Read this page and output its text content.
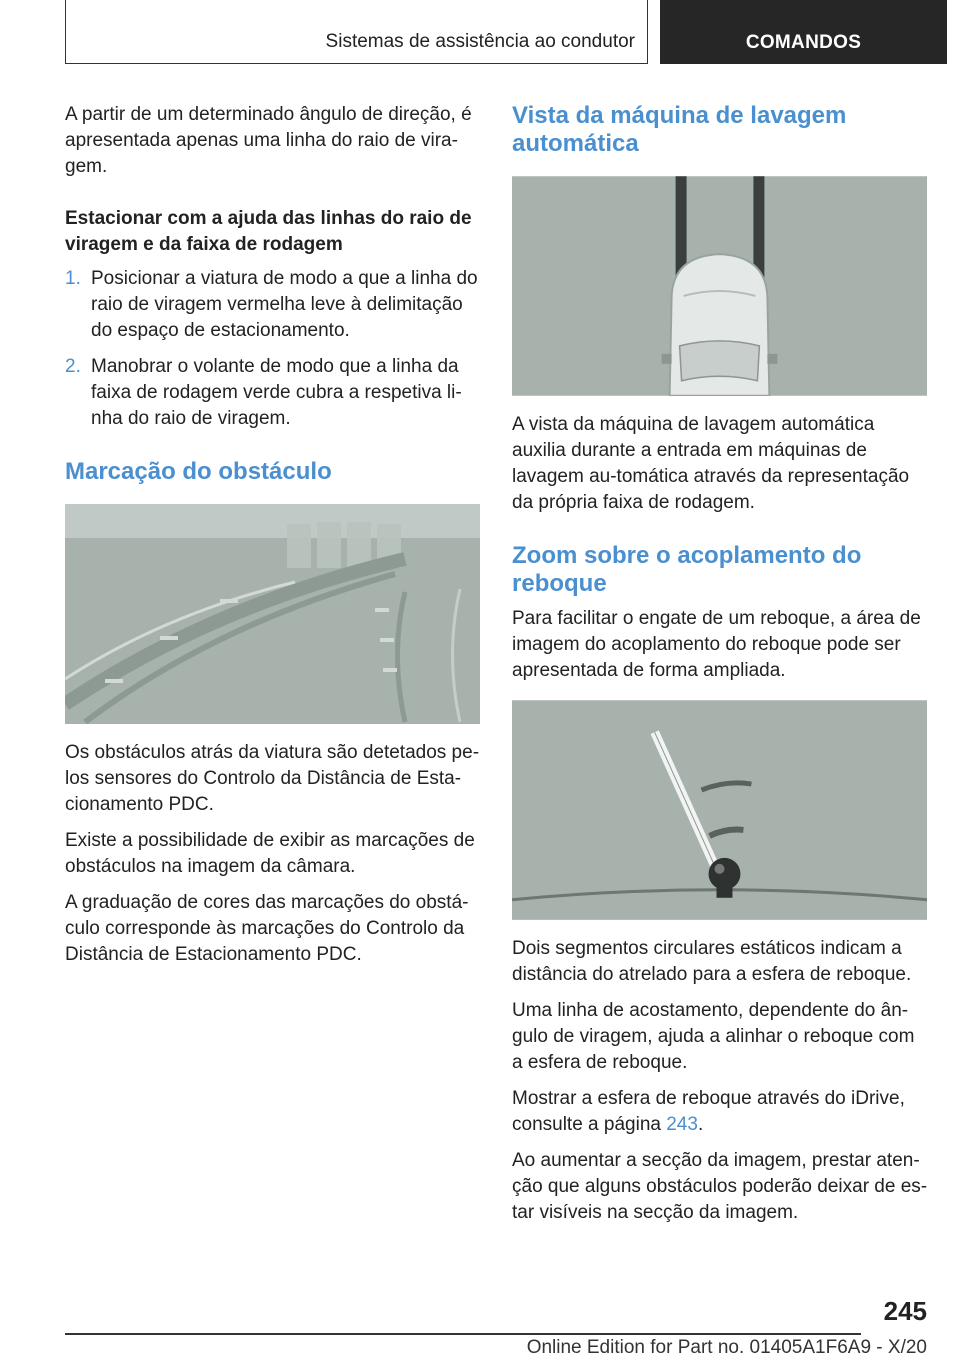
Sistemas de assistência ao condutor	COMANDOS

A partir de um determinado ângulo de direção, é apresentada apenas uma linha do raio de vira-gem.

Estacionar com a ajuda das linhas do raio de viragem e da faixa de rodagem
1. Posicionar a viatura de modo a que a linha do raio de viragem vermelha leve à delimitação do espaço de estacionamento.
2. Manobrar o volante de modo que a linha da faixa de rodagem verde cubra a respetiva li-nha do raio de viragem.
Marcação do obstáculo

Os obstáculos atrás da viatura são detetados pe-los sensores do Controlo da Distância de Esta-cionamento PDC.

Existe a possibilidade de exibir as marcações de obstáculos na imagem da câmara.

A graduação de cores das marcações do obstá-culo corresponde às marcações do Controlo da Distância de Estacionamento PDC.

Vista da máquina de lavagem automática

A vista da máquina de lavagem automática auxilia durante a entrada em máquinas de lavagem au-tomática através da representação da própria faixa de rodagem.

Zoom sobre o acoplamento do reboque

Para facilitar o engate de um reboque, a área de imagem do acoplamento do reboque pode ser apresentada de forma ampliada.

Dois segmentos circulares estáticos indicam a distância do atrelado para a esfera de reboque.

Uma linha de acostamento, dependente do ân-gulo de viragem, ajuda a alinhar o reboque com a esfera de reboque.

Mostrar a esfera de reboque através do iDrive, consulte a página 243.

Ao aumentar a secção da imagem, prestar aten-ção que alguns obstáculos poderão deixar de es-tar visíveis na secção da imagem.

245
Online Edition for Part no. 01405A1F6A9 - X/20
